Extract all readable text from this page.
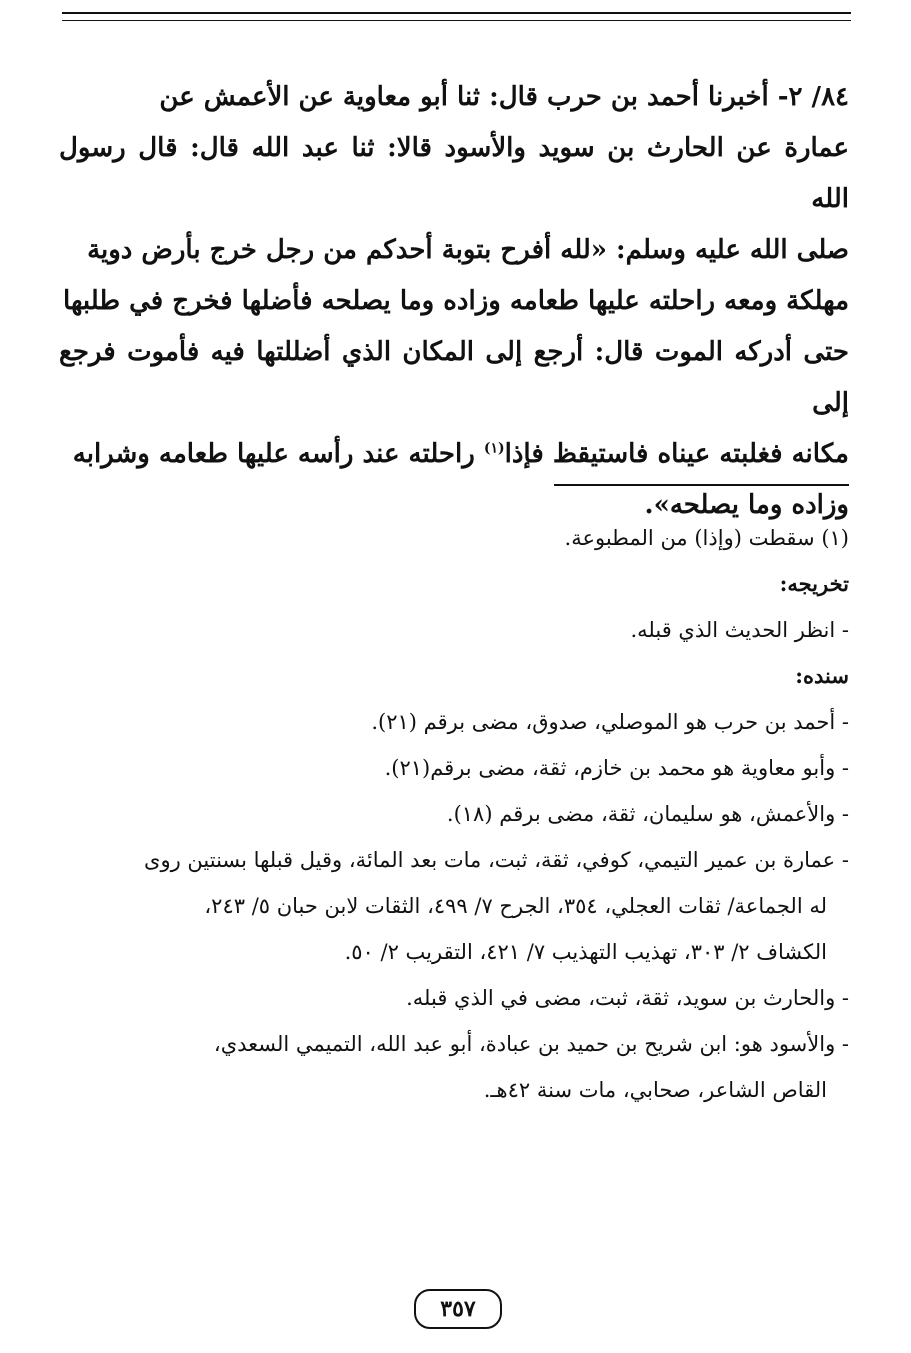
٨٤/ ٢- أخبرنا أحمد بن حرب قال: ثنا أبو معاوية عن الأعمش عن

عمارة عن الحارث بن سويد والأسود قالا: ثنا عبد الله قال: قال رسول الله

صلى الله عليه وسلم: «لله أفرح بتوبة أحدكم من رجل خرج بأرض دوية

مهلكة ومعه راحلته عليها طعامه وزاده وما يصلحه فأضلها فخرج في طلبها

حتى أدركه الموت قال: أرجع إلى المكان الذي أضللتها فيه فأموت فرجع إلى

مكانه فغلبته عيناه فاستيقظ فإذا$^{(١)}$ راحلته عند رأسه عليها طعامه وشرابه

وزاده وما يصلحه».

(١) سقطت (وإذا) من المطبوعة.

تخريجه:

- انظر الحديث الذي قبله.

سنده:

- أحمد بن حرب هو الموصلي، صدوق، مضى برقم (٢١).

- وأبو معاوية هو محمد بن خازم، ثقة، مضى برقم(٢١).

- والأعمش، هو سليمان، ثقة، مضى برقم (١٨).

- عمارة بن عمير التيمي، كوفي، ثقة، ثبت، مات بعد المائة، وقيل قبلها بسنتين روى

له الجماعة/ ثقات العجلي، ٣٥٤، الجرح ٧/ ٤٩٩، الثقات لابن حبان ٥/ ٢٤٣،

الكشاف ٢/ ٣٠٣، تهذيب التهذيب ٧/ ٤٢١، التقريب ٢/ ٥٠.

- والحارث بن سويد، ثقة، ثبت، مضى في الذي قبله.

- والأسود هو: ابن شريح بن حميد بن عبادة، أبو عبد الله، التميمي السعدي،

القاص الشاعر، صحابي، مات سنة ٤٢هـ.

٣٥٧
